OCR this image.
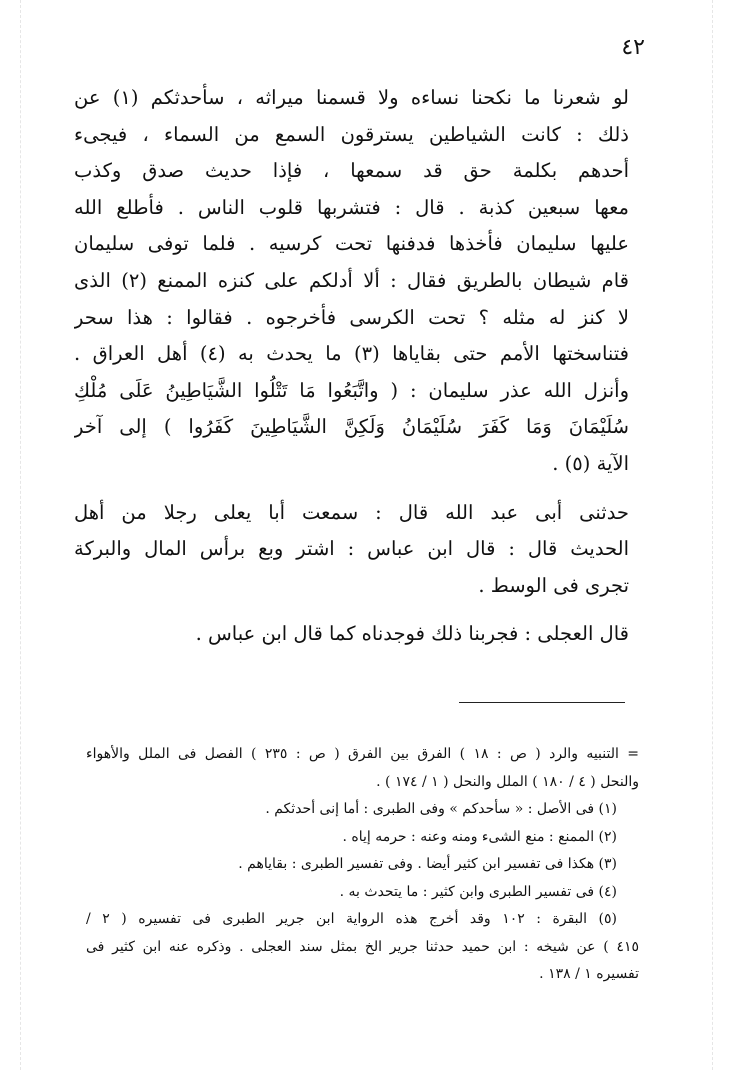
٤٢
لو شعرنا ما نكحنا نساءه ولا قسمنا ميراثه ، سأحدثكم (١) عن
ذلك : كانت الشياطين يسترقون السمع من السماء ، فيجىء
أحدهم بكلمة حق قد سمعها ، فإذا حديث صدق وكذب
معها سبعين كذبة . قال : فتشربها قلوب الناس . فأطلع الله
عليها سليمان فأخذها فدفنها تحت كرسيه . فلما توفى سليمان
قام شيطان بالطريق فقال : ألا أدلكم على كنزه الممنع (٢) الذى
لا كنز له مثله ؟ تحت الكرسى فأخرجوه . فقالوا : هذا سحر
فتناسختها الأمم حتى بقاياها (٣) ما يحدث به (٤) أهل العراق .
وأنزل الله عذر سليمان : ( واتَّبَعُوا مَا تَتْلُوا الشَّيَاطِينُ عَلَى مُلْكِ
سُلَيْمَانَ وَمَا كَفَرَ سُلَيْمَانُ وَلَكِنَّ الشَّيَاطِينَ كَفَرُوا ) إلى آخر
الآية (٥) .
حدثنى أبى عبد الله قال : سمعت أبا يعلى رجلا من أهل
الحديث قال : قال ابن عباس : اشتر وبع برأس المال والبركة
تجرى فى الوسط .
قال العجلى : فجربنا ذلك فوجدناه كما قال ابن عباس .
= التنبيه والرد ( ص : ١٨ ) الفرق بين الفرق ( ص : ٢٣٥ ) الفصل فى الملل والأهواء
والنحل ( ٤ / ١٨٠ ) الملل والنحل ( ١ / ١٧٤ ) .
(١) فى الأصل : « سأحدكم » وفى الطبرى : أما إنى أحدثكم .
(٢) الممنع : منع الشىء ومنه وعنه : حرمه إياه .
(٣) هكذا فى تفسير ابن كثير أيضا . وفى تفسير الطبرى : بقاياهم .
(٤) فى تفسير الطبرى وابن كثير : ما يتحدث به .
(٥) البقرة : ١٠٢ وقد أخرج هذه الرواية ابن جرير الطبرى فى تفسيره ( ٢ /
٤١٥ ) عن شيخه : ابن حميد حدثنا جرير الخ بمثل سند العجلى . وذكره عنه ابن كثير فى
تفسيره ١ / ١٣٨ .
